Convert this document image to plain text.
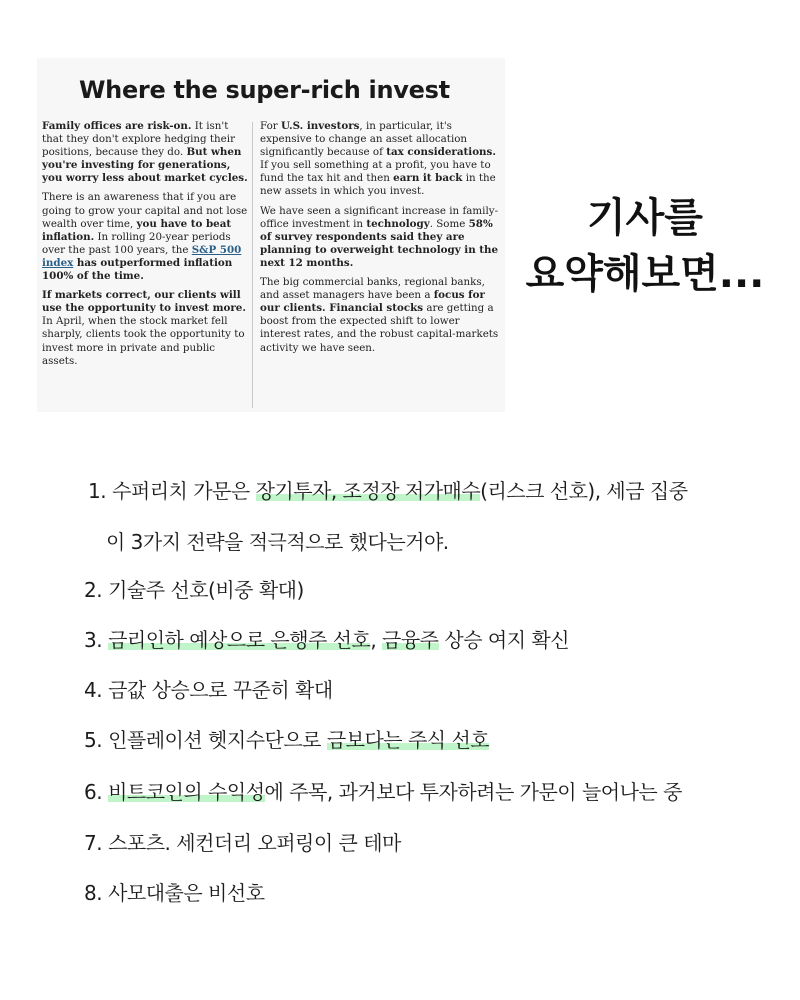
Where the super-rich invest

Family offices are risk-on. It isn't that they don't explore hedging their positions, because they do. But when you're investing for generations, you worry less about market cycles.

There is an awareness that if you are going to grow your capital and not lose wealth over time, you have to beat inflation. In rolling 20-year periods over the past 100 years, the S&P 500 index has outperformed inflation 100% of the time.

If markets correct, our clients will use the opportunity to invest more. In April, when the stock market fell sharply, clients took the opportunity to invest more in private and public assets.

For U.S. investors, in particular, it's expensive to change an asset allocation significantly because of tax considerations. If you sell something at a profit, you have to fund the tax hit and then earn it back in the new assets in which you invest.

We have seen a significant increase in family-office investment in technology. Some 58% of survey respondents said they are planning to overweight technology in the next 12 months.

The big commercial banks, regional banks, and asset managers have been a focus for our clients. Financial stocks are getting a boost from the expected shift to lower interest rates, and the robust capital-markets activity we have seen.

기사를
요약해보면...
1. 수퍼리치 가문은 장기투자, 조정장 저가매수(리스크 선호), 세금 집중
이 3가지 전략을 적극적으로 했다는거야.
2. 기술주 선호(비중 확대)
3. 금리인하 예상으로 은행주 선호, 금융주 상승 여지 확신
4. 금값 상승으로 꾸준히 확대
5. 인플레이션 헷지수단으로 금보다는 주식 선호
6. 비트코인의 수익성에 주목, 과거보다 투자하려는 가문이 늘어나는 중
7. 스포츠. 세컨더리 오퍼링이 큰 테마
8. 사모대출은 비선호
